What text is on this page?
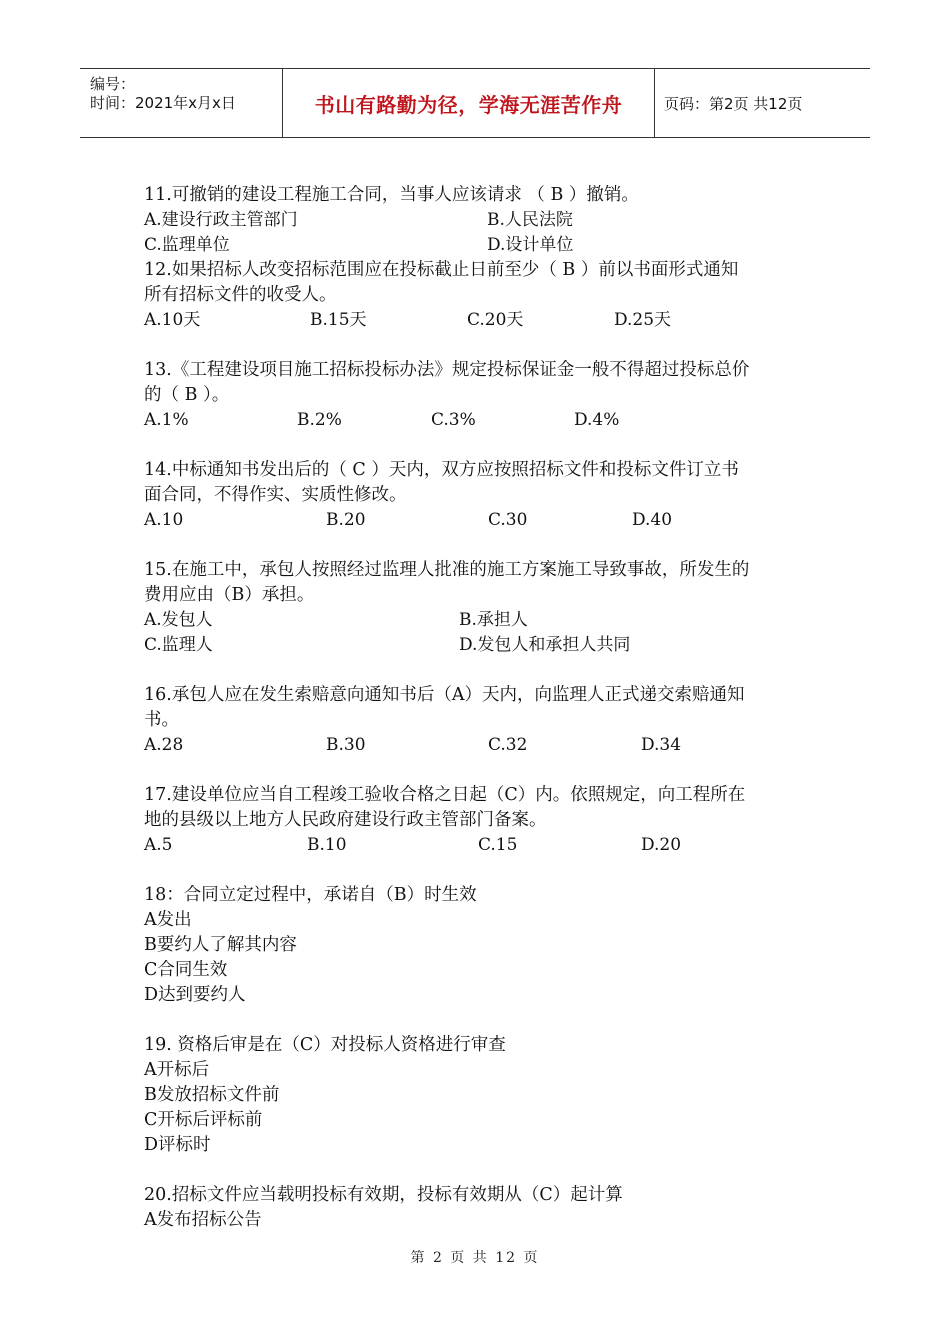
编号：
时间：2021年x月x日	书山有路勤为径，学海无涯苦作舟	页码：第2页 共12页
11.可撤销的建设工程施工合同，当事人应该请求 （ B ）撤销。
A.建设行政主管部门	B.人民法院
C.监理单位	D.设计单位
12.如果招标人改变招标范围应在投标截止日前至少（ B ）前以书面形式通知
所有招标文件的收受人。
A.10天	B.15天	C.20天	D.25天
13.《工程建设项目施工招标投标办法》规定投标保证金一般不得超过投标总价
的（ B ）。
A.1%	B.2%	C.3%	D.4%
14.中标通知书发出后的（ C ）天内，双方应按照招标文件和投标文件订立书
面合同，不得作实、实质性修改。
A.10	B.20	C.30	D.40
15.在施工中，承包人按照经过监理人批准的施工方案施工导致事故，所发生的
费用应由（B）承担。
A.发包人	B.承担人
C.监理人	D.发包人和承担人共同
16.承包人应在发生索赔意向通知书后（A）天内，向监理人正式递交索赔通知
书。
A.28	B.30	C.32	D.34
17.建设单位应当自工程竣工验收合格之日起（C）内。依照规定，向工程所在
地的县级以上地方人民政府建设行政主管部门备案。
A.5	B.10	C.15	D.20
18：合同立定过程中，承诺自（B）时生效
A发出
B要约人了解其内容
C合同生效
D达到要约人
19. 资格后审是在（C）对投标人资格进行审查
A开标后
B发放招标文件前
C开标后评标前
D评标时
20.招标文件应当载明投标有效期，投标有效期从（C）起计算
A发布招标公告
第 2 页 共 12 页
